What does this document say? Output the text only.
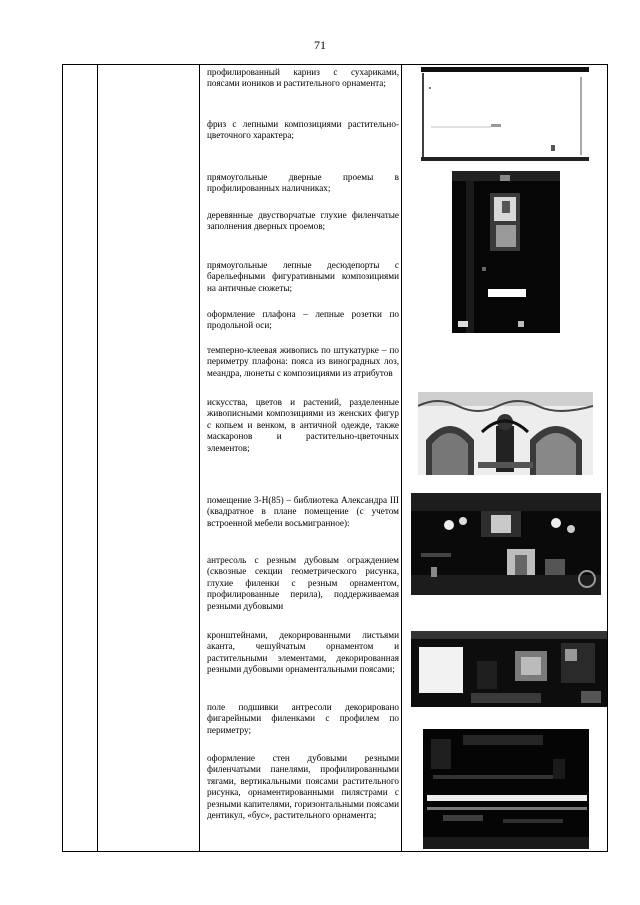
71
профилированный карниз с сухариками, поясами иоников и растительного орнамента;
фриз с лепными композициями растительно-цветочного характера;
прямоугольные дверные проемы в профилированных наличниках;
деревянные двустворчатые глухие филенчатые заполнения дверных проемов;
прямоугольные лепные десюдепорты с барельефными фигуративными композициями на античные сюжеты;
оформление плафона – лепные розетки по продольной оси;
темперно-клеевая живопись по штукатурке – по периметру плафона: пояса из виноградных лоз, меандра, люнеты с композициями из атрибутов
искусства, цветов и растений, разделенные живописными композициями из женских фигур с копьем и венком, в античной одежде, также маскаронов и растительно-цветочных элементов;
помещение 3-Н(85) – библиотека Александра III (квадратное в плане помещение (с учетом встроенной мебели восьмигранное):
антресоль с резным дубовым ограждением (сквозные секции геометрического рисунка, глухие филенки с резным орнаментом, профилированные перила), поддерживаемая резными дубовыми
кронштейнами, декорированными листьями аканта, чешуйчатым орнаментом и растительными элементами, декорированная резными дубовыми орнаментальными поясами;
поле подшивки антресоли декорировано фигарейными филенками с профилем по периметру;
оформление стен дубовыми резными филенчатыми панелями, профилированными тягами, вертикальными поясами растительного рисунка, орнаментированными пилястрами с резными капителями, горизонтальными поясами дентикул, «бус», растительного орнамента;
